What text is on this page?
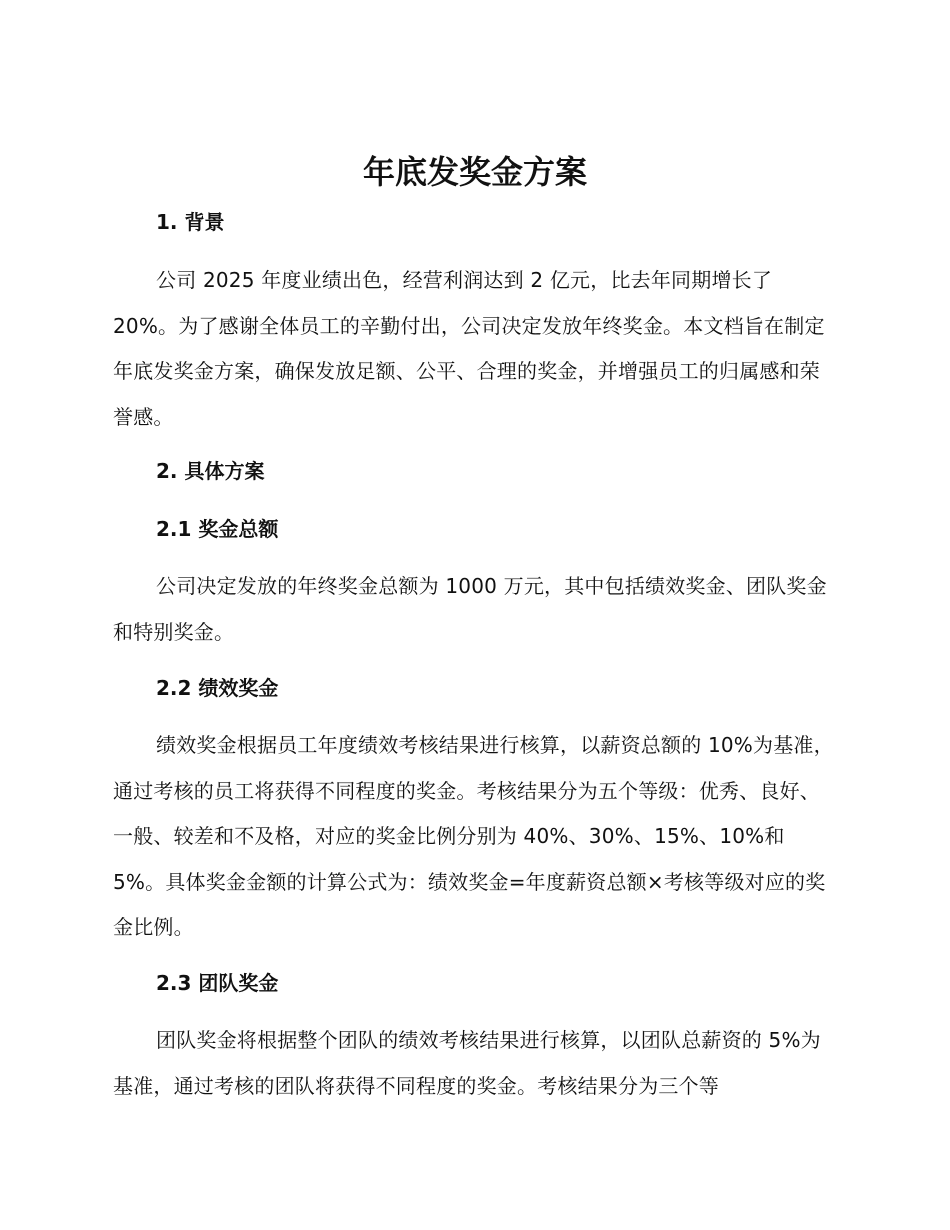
年底发奖金方案
1. 背景

公司 2025 年度业绩出色，经营利润达到 2 亿元，比去年同期增长了 20%。为了感谢全体员工的辛勤付出，公司决定发放年终奖金。本文档旨在制定年底发奖金方案，确保发放足额、公平、合理的奖金，并增强员工的归属感和荣誉感。

2. 具体方案
2.1 奖金总额

公司决定发放的年终奖金总额为 1000 万元，其中包括绩效奖金、团队奖金和特别奖金。

2.2 绩效奖金

绩效奖金根据员工年度绩效考核结果进行核算，以薪资总额的 10%为基准，通过考核的员工将获得不同程度的奖金。考核结果分为五个等级：优秀、良好、一般、较差和不及格，对应的奖金比例分别为 40%、30%、15%、10%和 5%。具体奖金金额的计算公式为：绩效奖金=年度薪资总额×考核等级对应的奖金比例。

2.3 团队奖金

团队奖金将根据整个团队的绩效考核结果进行核算，以团队总薪资的 5%为基准，通过考核的团队将获得不同程度的奖金。考核结果分为三个等
